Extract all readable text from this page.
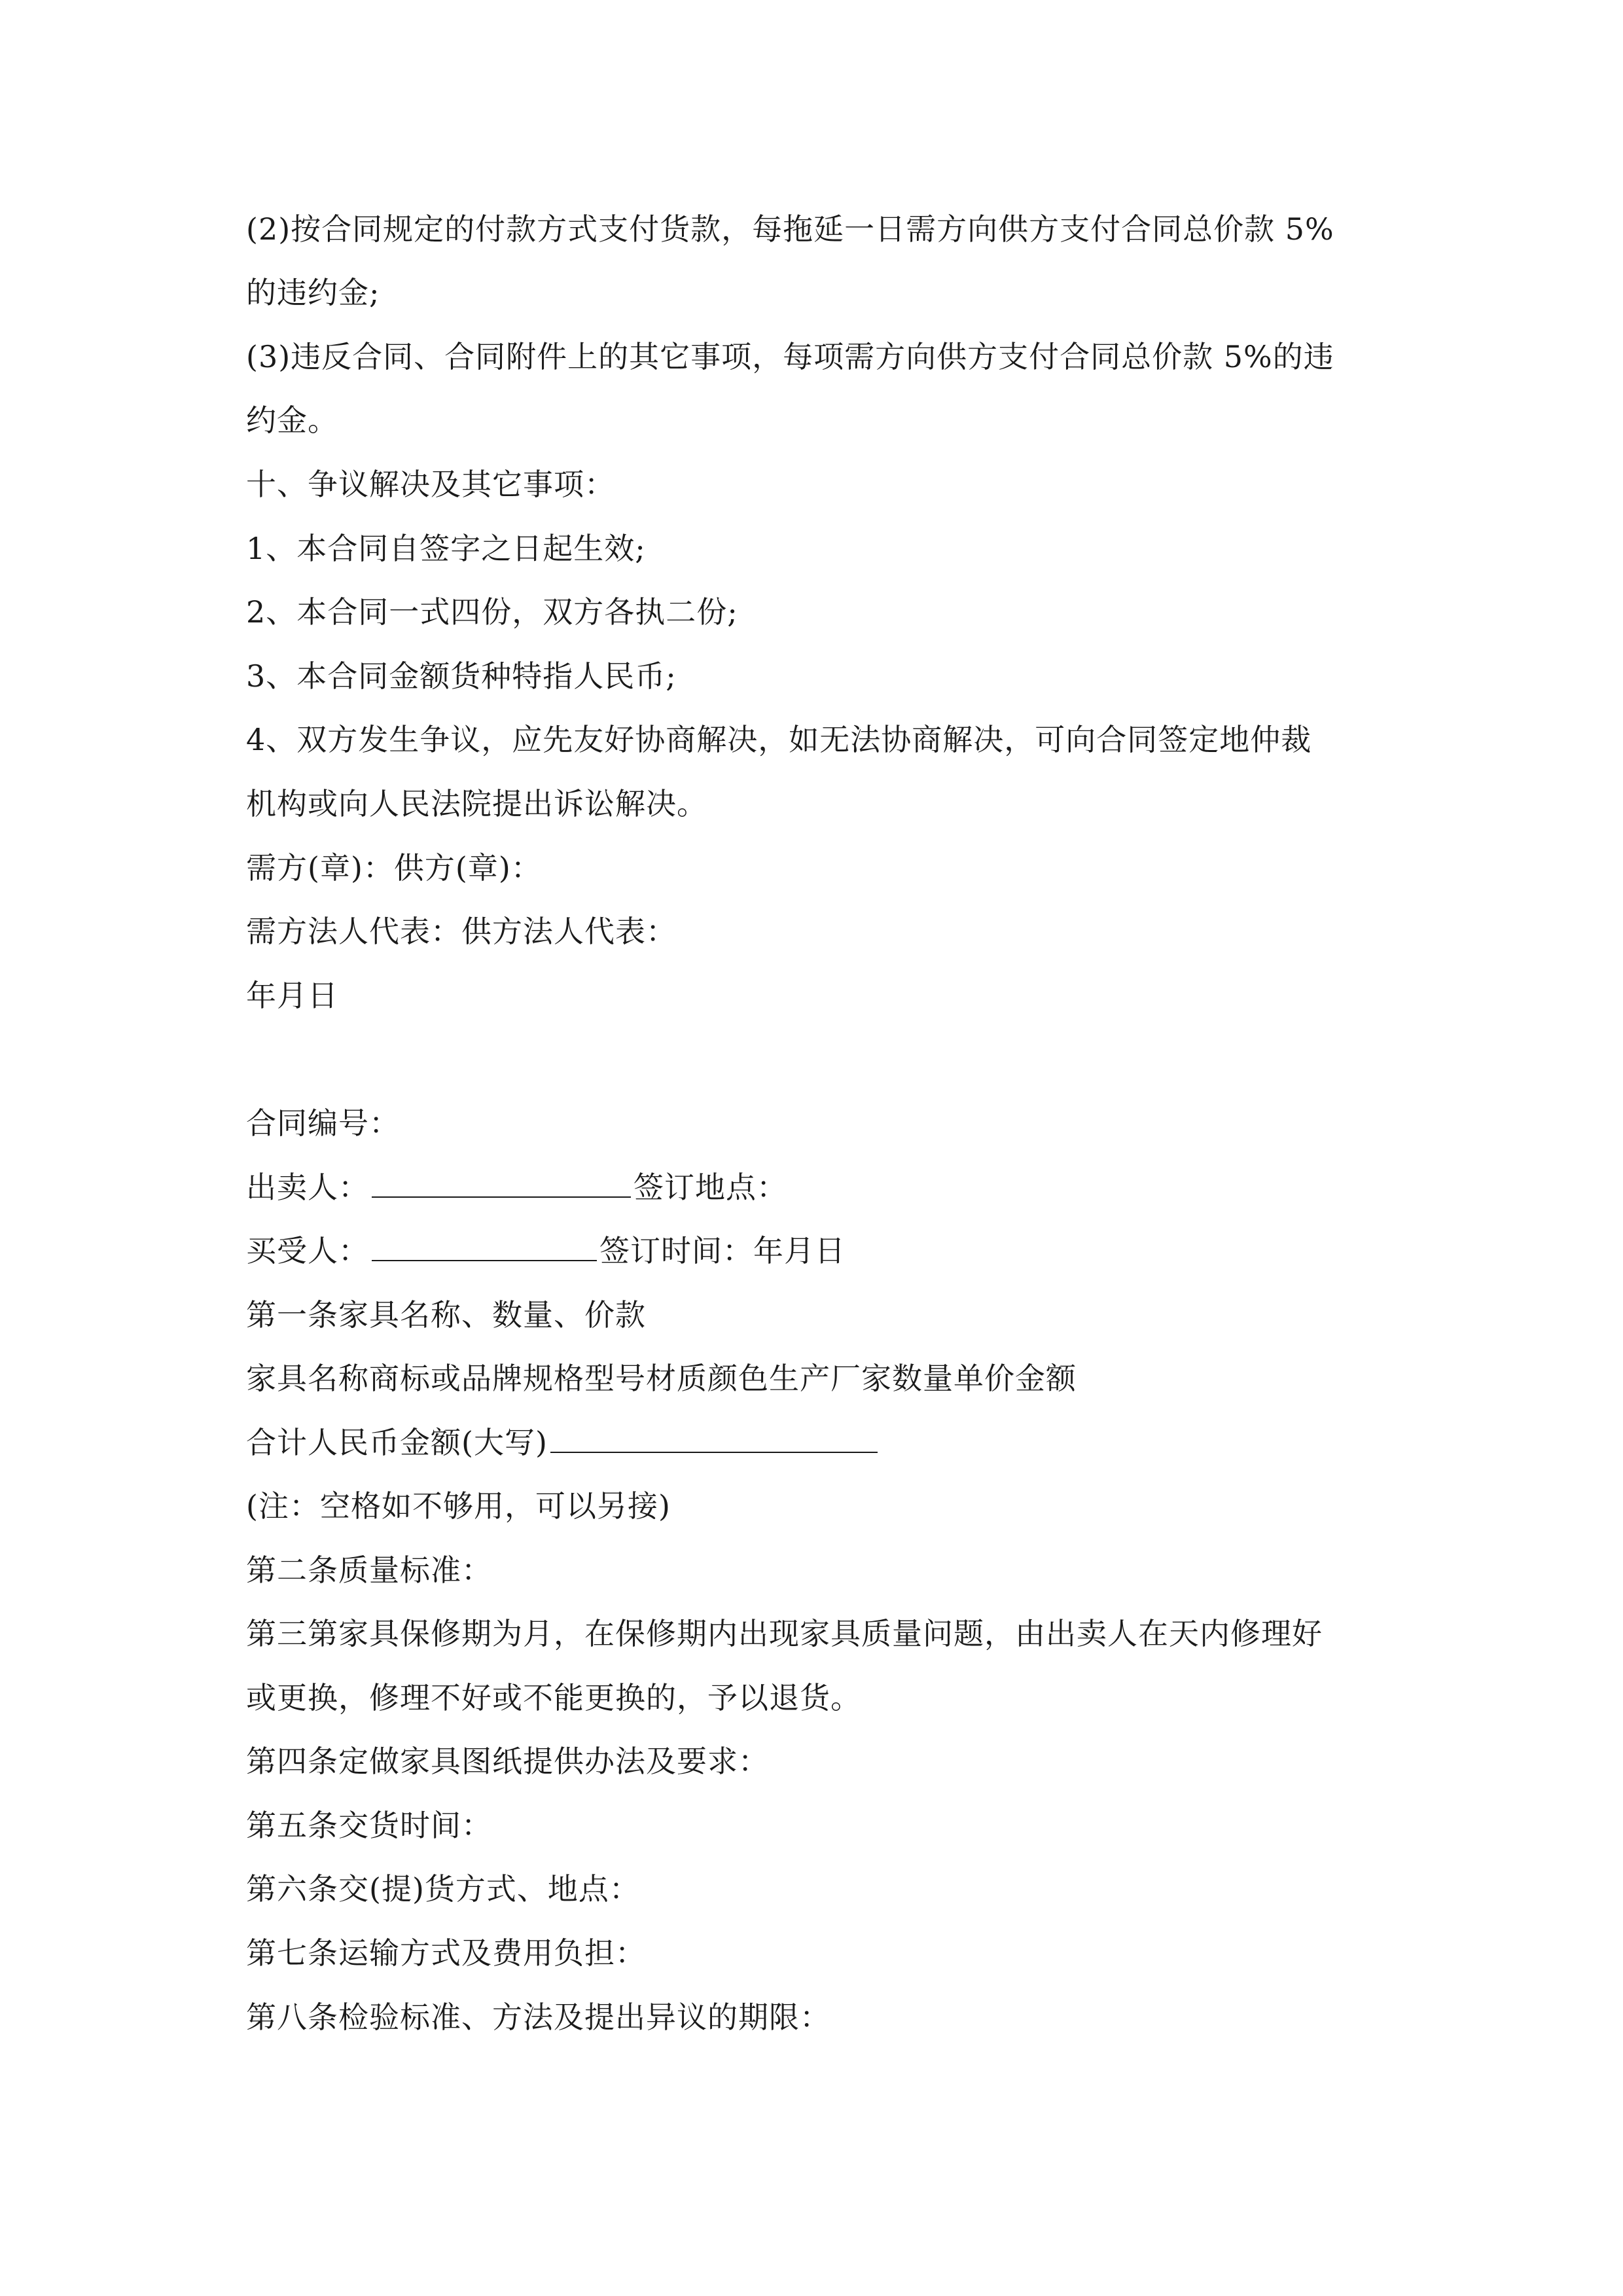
(2)按合同规定的付款方式支付货款，每拖延一日需方向供方支付合同总价款 5%
的违约金;
(3)违反合同、合同附件上的其它事项，每项需方向供方支付合同总价款 5%的违
约金。
十、争议解决及其它事项：
1、本合同自签字之日起生效;
2、本合同一式四份，双方各执二份;
3、本合同金额货种特指人民币;
4、双方发生争议，应先友好协商解决，如无法协商解决，可向合同签定地仲裁
机构或向人民法院提出诉讼解决。
需方(章)：供方(章)：
需方法人代表：供方法人代表：
年月日
合同编号：
出卖人：	签订地点：
买受人：	签订时间：年月日
第一条家具名称、数量、价款
家具名称商标或品牌规格型号材质颜色生产厂家数量单价金额
合计人民币金额(大写)
(注：空格如不够用，可以另接)
第二条质量标准：
第三第家具保修期为月，在保修期内出现家具质量问题，由出卖人在天内修理好
或更换，修理不好或不能更换的，予以退货。
第四条定做家具图纸提供办法及要求：
第五条交货时间：
第六条交(提)货方式、地点：
第七条运输方式及费用负担：
第八条检验标准、方法及提出异议的期限：
